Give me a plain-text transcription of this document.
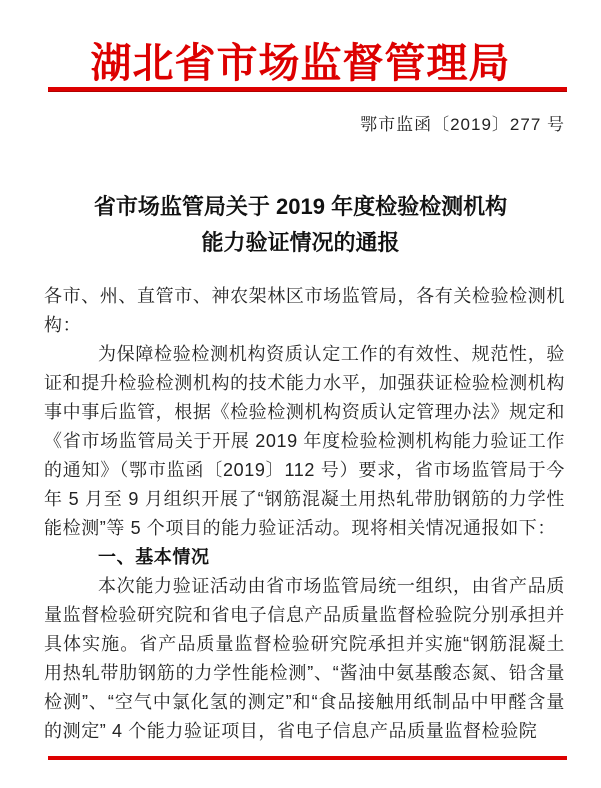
湖北省市场监督管理局
鄂市监函〔2019〕277 号
省市场监管局关于 2019 年度检验检测机构
能力验证情况的通报

各市、州、直管市、神农架林区市场监管局，各有关检验检测机构：

为保障检验检测机构资质认定工作的有效性、规范性，验证和提升检验检测机构的技术能力水平，加强获证检验检测机构事中事后监管，根据《检验检测机构资质认定管理办法》规定和《省市场监管局关于开展 2019 年度检验检测机构能力验证工作的通知》（鄂市监函〔2019〕112 号）要求，省市场监管局于今年 5 月至 9 月组织开展了“钢筋混凝土用热轧带肋钢筋的力学性能检测”等 5 个项目的能力验证活动。现将相关情况通报如下：

一、基本情况

本次能力验证活动由省市场监管局统一组织，由省产品质量监督检验研究院和省电子信息产品质量监督检验院分别承担并具体实施。省产品质量监督检验研究院承担并实施“钢筋混凝土用热轧带肋钢筋的力学性能检测”、“酱油中氨基酸态氮、铅含量检测”、“空气中氯化氢的测定”和“食品接触用纸制品中甲醛含量的测定” 4 个能力验证项目，省电子信息产品质量监督检验院
